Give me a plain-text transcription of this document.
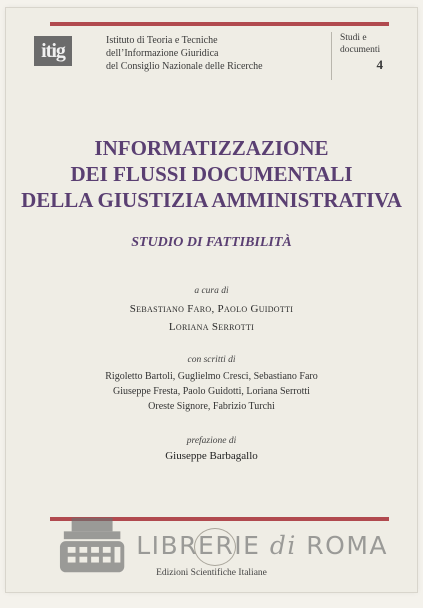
itig	Istituto di Teoria e Tecniche
dell’Informazione Giuridica
del Consiglio Nazionale delle Ricerche
Studi e
documenti
4
INFORMATIZZAZIONE
DEI FLUSSI DOCUMENTALI
DELLA GIUSTIZIA AMMINISTRATIVA
STUDIO DI FATTIBILITÀ
a cura di
Sebastiano Faro, Paolo Guidotti
Loriana Serrotti
con scritti di
Rigoletto Bartoli, Guglielmo Cresci, Sebastiano Faro
Giuseppe Fresta, Paolo Guidotti, Loriana Serrotti
Oreste Signore, Fabrizio Turchi
prefazione di
Giuseppe Barbagallo
Edizioni Scientifiche Italiane
LIBRERIE di ROMA
